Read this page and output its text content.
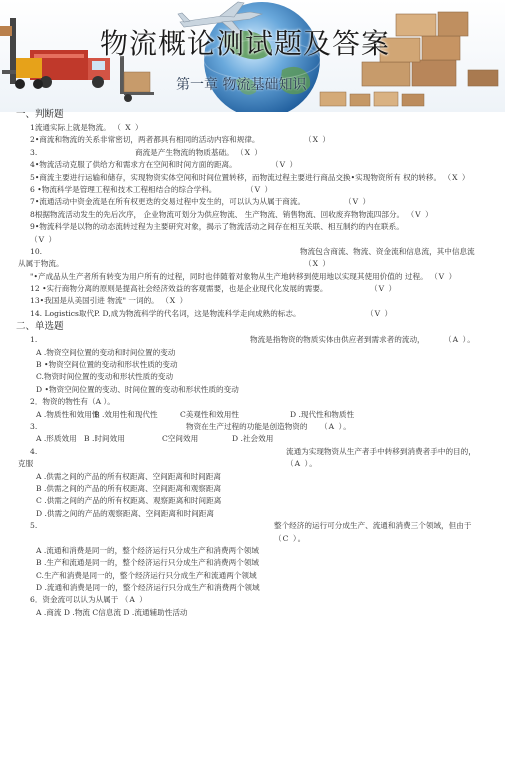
物流概论测试题及答案
第一章 物流基础知识
一、判断题
1流通实际上就是物流。 （ X ）
2•商流和物流的关系非常密切，两者都具有相同的活动内容和规律。	（X ）
3.	商流是产生物流的物质基础。 （X ）
4•物流活动克服了供给方和需求方在空间和时间方面的距离。	（V ）
5•商流主要进行运输和储存，实现物资实体空间和时间位置转移，而物流过程主要进行商品交换•实现物资所有 权的转移。 （X ）
6 •物流科学是管理工程和技术工程相结合的综合学科。	（V ）
7•流通活动中资金流是在所有权更迭的交易过程中发生的，可以认为从属于商流。	（V ）
8根据物流活动发生的先后次序， 企业物流可划分为供应物流、 生产物流、销售物流、回收废弃物物流四部分。 （V ）
9•物流科学是以物的动态流转过程为主要研究对象，揭示了物流活动之间存在相互关联、相互制约的内在联系。
（V ）
10.	物流包含商流、物流、资金流和信息流，其中信息流
从属于物流。	（X ）
"•产成品从生产者所有转变为用户所有的过程，同时也伴随着对象物从生产地转移到使用地以实现其使用价值的 过程。 （V ）
12 •实行商物分离的原则是提高社会经济效益的客观需要，也是企业现代化发展的需要。	（V ）
13•我国是从美国引进 物流" 一词的。 （X ）
14. Logistics取代P. D,成为物流科学的代名词，这是物流科学走向成熟的标志。	（V ）
二、单选题
1.	物流是指物资的物质实体由供应者到需求者的流动，	（A ）。
A .物资空间位置的变动和时间位置的变动
B •物资空间位置的变动和形状性质的变动
C.物资时间位置的变动和形状性质的变动
D •物资空间位置的变动、时间位置的变动和形状性质的变动
2．物资的物性有（A ）。
A .物质性和效用性
B .效用性和现代性	C美观性和效用性	D .现代性和物质性
3.	物资在生产过程的功能是创造物资的 （A ）。
A .形质效用 B .时间效用	C空间效用	D .社会效用
4.	流通为实现物资从生产者手中转移到消费者手中的目的，
克服	（A ）。
A .供需之间的产品的所有权距离、空间距离和时间距离
B .供需之间的产品的所有权距离、空间距离和观察距离
C .供需之间的产品的所有权距离、观察距离和时间距离
D .供需之间的产品的观察距离、空间距离和时间距离
5.	整个经济的运行可分成生产、流通和消费三个领域，但由于
（C ）。
A .流通和消费是同一的，整个经济运行只分成生产和消费两个领域
B .生产和流通是同一的，整个经济运行只分成生产和消费两个领域
C.生产和消费是同一的，整个经济运行只分成生产和流通两个领域
D .流通和消费是同一的，整个经济运行只分成生产和消费两个领域
6．资金流可以认为从属于 （A ）
A .商流 D .物流 C信息流 D .流通辅助性活动
